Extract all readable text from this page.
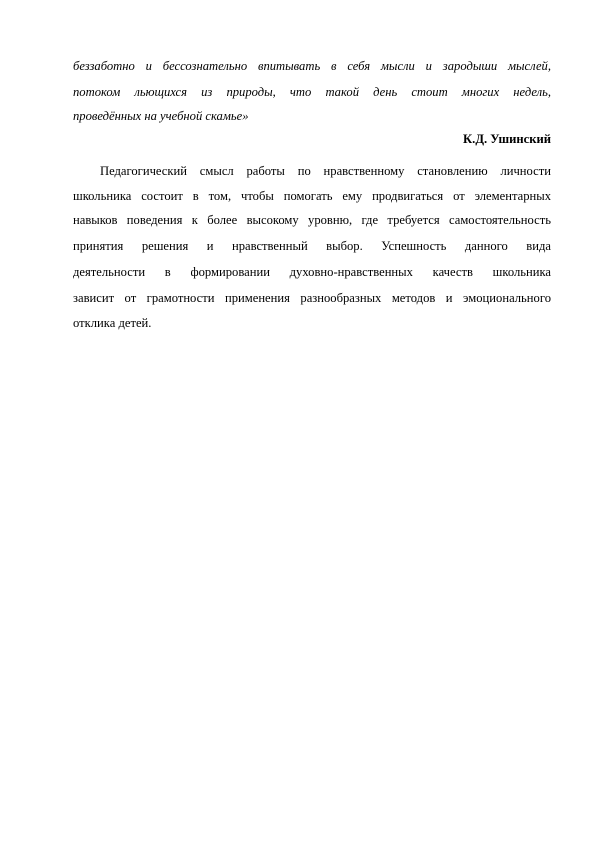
беззаботно и бессознательно впитывать в себя мысли и зародыши мыслей,
потоком льющихся из природы, что такой день стоит многих недель,
проведённых на учебной скамье»
К.Д. Ушинский
Педагогический смысл работы по нравственному становлению личности
школьника состоит в том, чтобы помогать ему продвигаться от элементарных
навыков поведения к более высокому уровню, где требуется самостоятельность
принятия решения и нравственный выбор. Успешность данного вида
деятельности в формировании духовно-нравственных качеств школьника
зависит от грамотности применения разнообразных методов и эмоционального
отклика детей.
